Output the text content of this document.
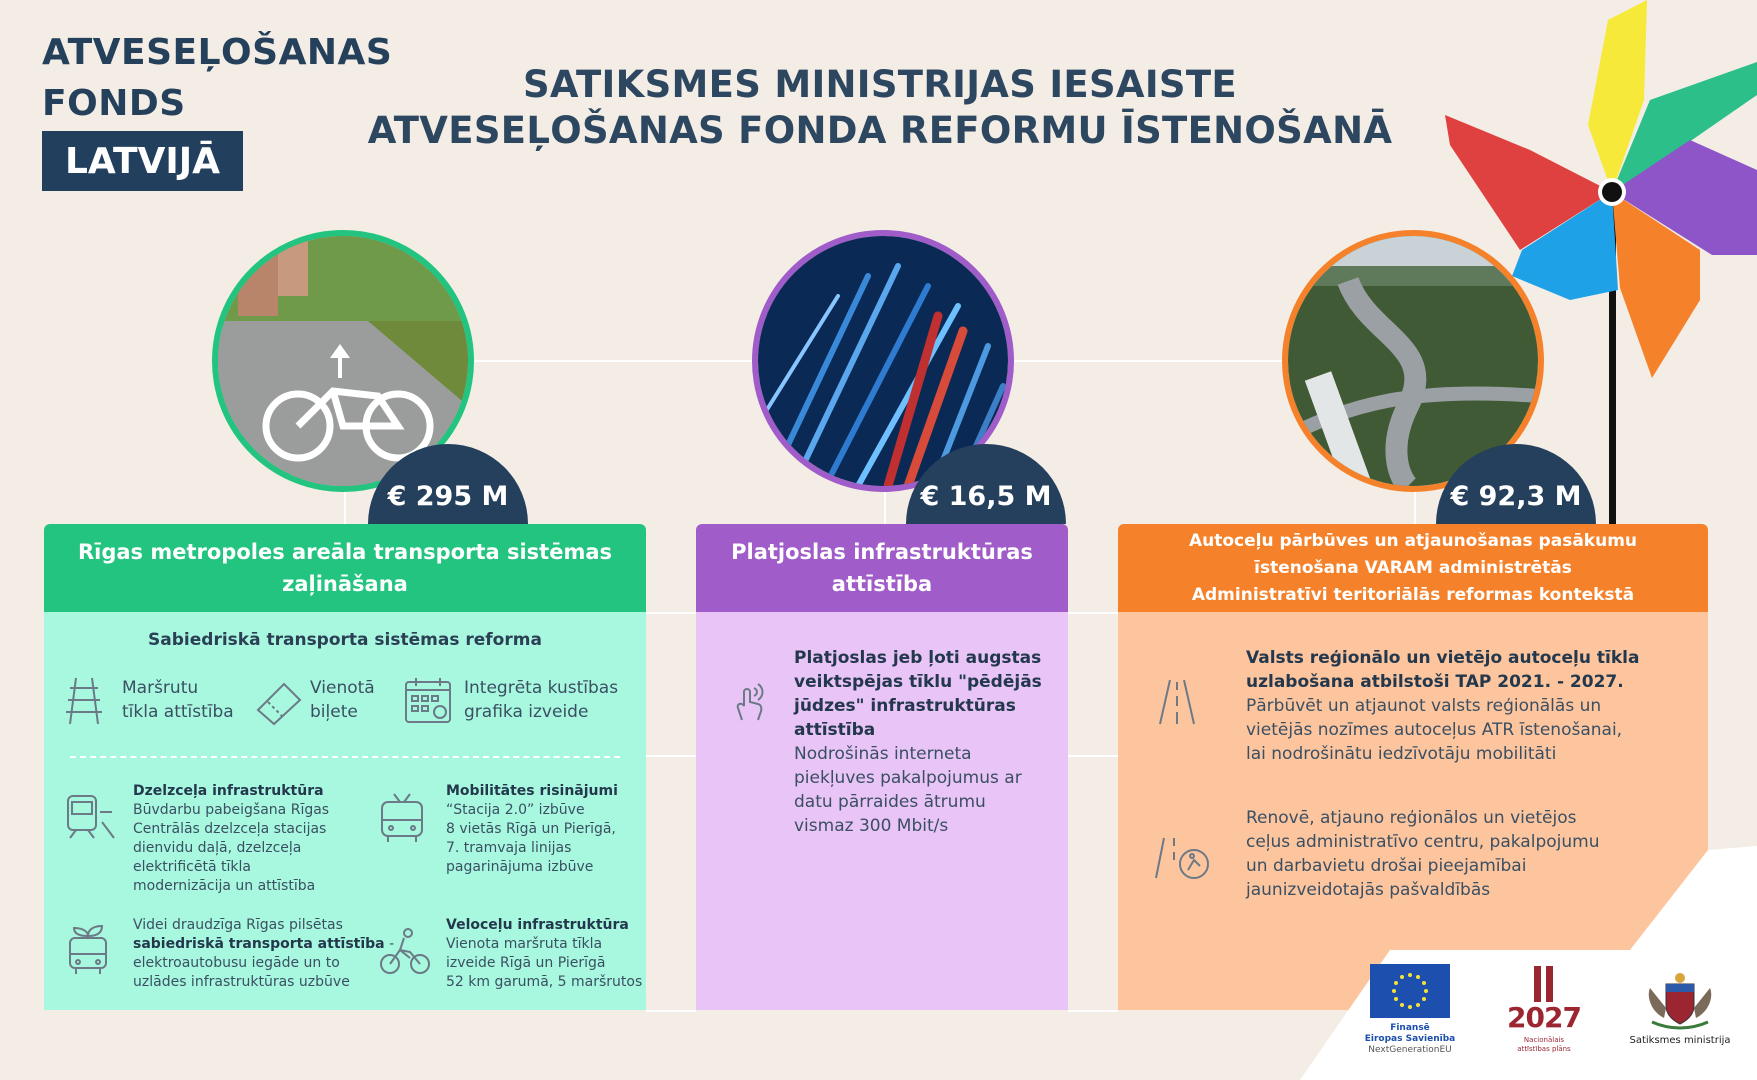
ATVESEĻOŠANAS
FONDS
LATVIJĀ
SATIKSMES MINISTRIJAS IESAISTE
ATVESEĻOŠANAS FONDA REFORMU ĪSTENOŠANĀ
€ 295 M	€ 16,5 M	€ 92,3 M
Rīgas metropoles areāla transporta sistēmas zaļināšana
Sabiedriskā transporta sistēmas reforma
Maršrutu
tīkla attīstība
Vienotā
biļete
Integrēta kustības
grafika izveide
Dzelzceļa infrastruktūra
Būvdarbu pabeigšana Rīgas
Centrālās dzelzceļa stacijas
dienvidu daļā, dzelzceļa
elektrificētā tīkla
modernizācija un attīstība
Mobilitātes risinājumi
“Stacija 2.0” izbūve
8 vietās Rīgā un Pierīgā,
7. tramvaja linijas
pagarinājuma izbūve
Videi draudzīga Rīgas pilsētas
sabiedriskā transporta attīstība -
elektroautobusu iegāde un to
uzlādes infrastruktūras uzbūve
Veloceļu infrastruktūra
Vienota maršruta tīkla
izveide Rīgā un Pierīgā
52 km garumā, 5 maršrutos
Platjoslas infrastruktūras attīstība
Platjoslas jeb ļoti augstas
veiktspējas tīklu "pēdējās
jūdzes" infrastruktūras
attīstība
Nodrošinās interneta
piekļuves pakalpojumus ar
datu pārraides ātrumu
vismaz 300 Mbit/s
Autoceļu pārbūves un atjaunošanas pasākumu
īstenošana VARAM administrētās
Administratīvi teritoriālās reformas kontekstā
Valsts reģionālo un vietējo autoceļu tīkla
uzlabošana atbilstoši TAP 2021. - 2027.
Pārbūvēt un atjaunot valsts reģionālās un
vietējās nozīmes autoceļus ATR īstenošanai,
lai nodrošinātu iedzīvotāju mobilitāti
Renovē, atjauno reģionālos un vietējos
ceļus administratīvo centru, pakalpojumu
un darbavietu drošai pieejamībai
jaunizveidotajās pašvaldībās
Finansē
Eiropas Savienība
NextGenerationEU
2027
Nacionālais
attīstības plāns
Satiksmes ministrija
